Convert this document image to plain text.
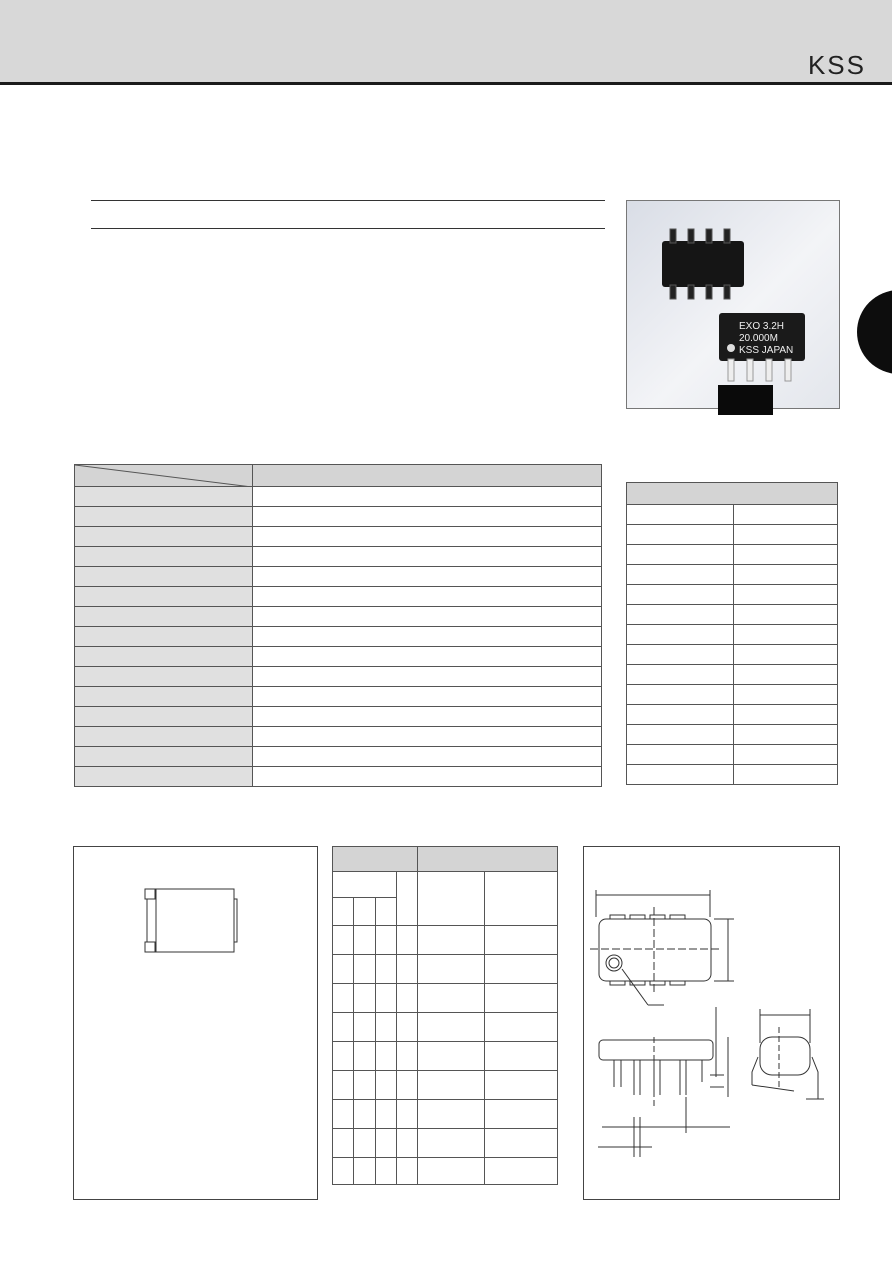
KSS
EXO 3.2H
20.000M
KSS JAPAN
